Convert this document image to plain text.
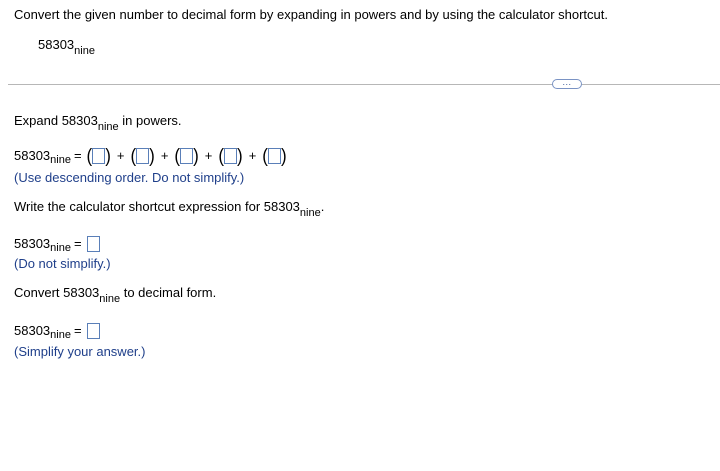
Convert the given number to decimal form by expanding in powers and by using the calculator shortcut.
$58303_{nine}$
...
Expand $58303_{nine}$ in powers.
58303 nine = ( ) + ( ) + ( ) + ( ) + ( )
(Use descending order. Do not simplify.)
Write the calculator shortcut expression for $58303_{nine}$.
58303 nine =
(Do not simplify.)
Convert $58303_{nine}$ to decimal form.
58303 nine =
(Simplify your answer.)
